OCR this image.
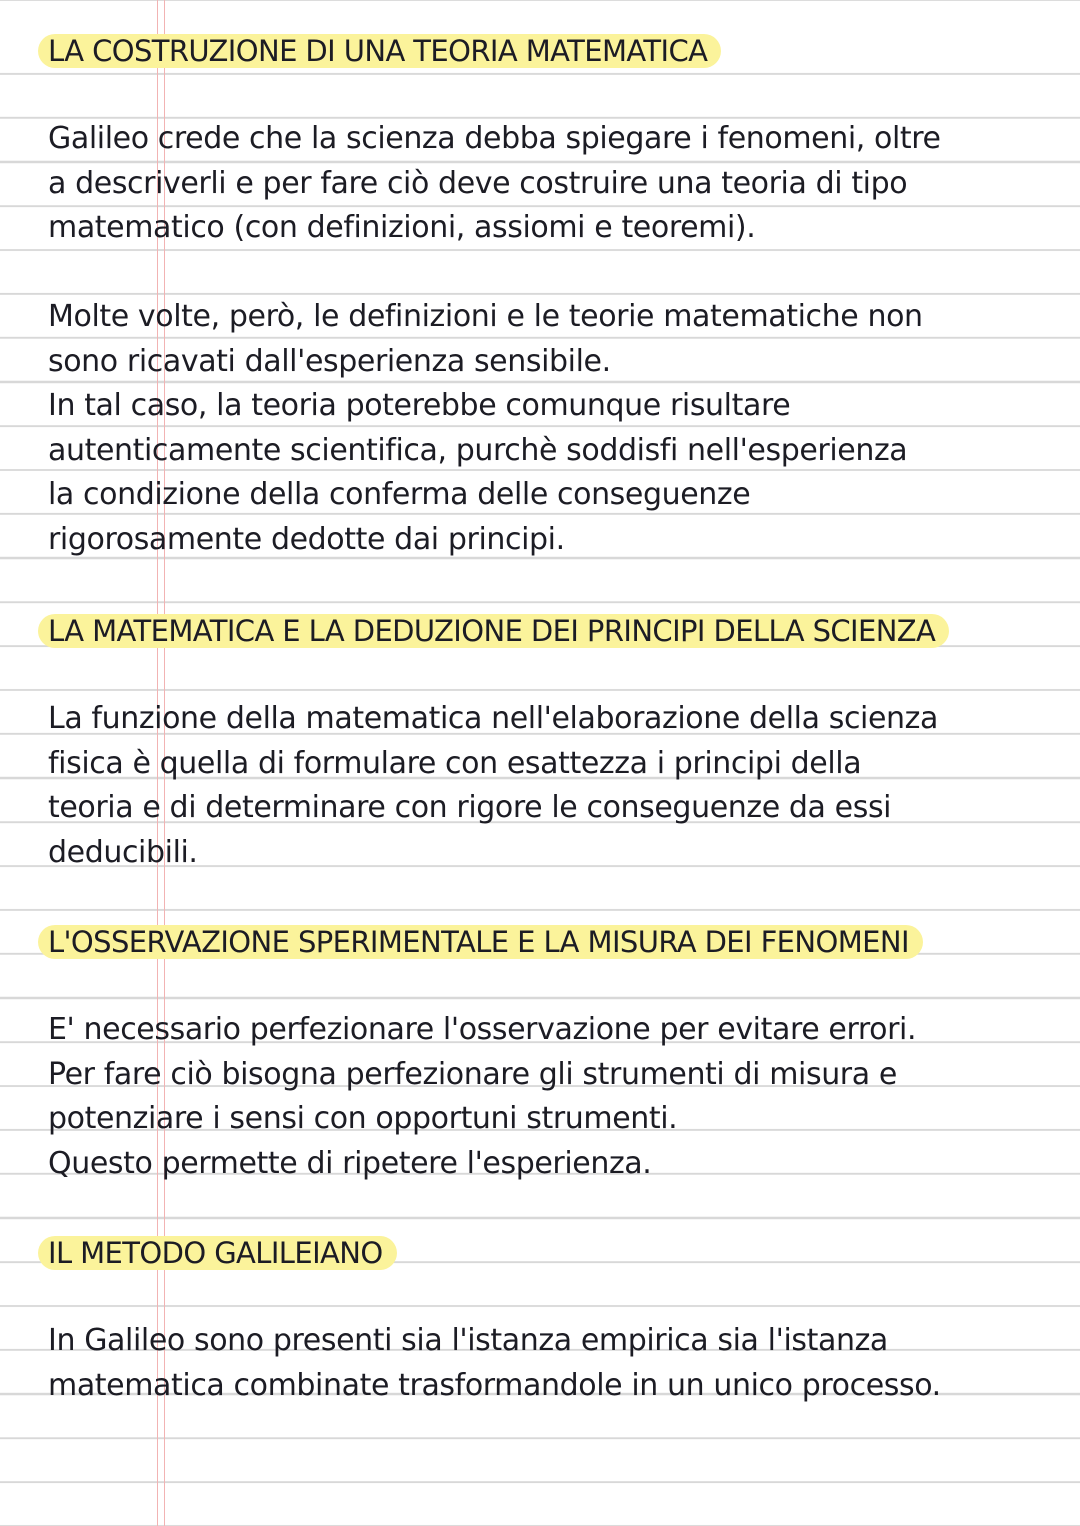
LA COSTRUZIONE DI UNA TEORIA MATEMATICA
Galileo crede che la scienza debba spiegare i fenomeni, oltre
a descriverli e per fare ciò deve costruire una teoria di tipo
matematico (con definizioni, assiomi e teoremi).
Molte volte, però, le definizioni e le teorie matematiche non
sono ricavati dall'esperienza sensibile.
In tal caso, la teoria poterebbe comunque risultare
autenticamente scientifica, purchè soddisfi nell'esperienza
la condizione della conferma delle conseguenze
rigorosamente dedotte dai principi.
LA MATEMATICA E LA DEDUZIONE DEI PRINCIPI DELLA SCIENZA
La funzione della matematica nell'elaborazione della scienza
fisica è quella di formulare con esattezza i principi della
teoria e di determinare con rigore le conseguenze da essi
deducibili.
L'OSSERVAZIONE SPERIMENTALE E LA MISURA DEI FENOMENI
E' necessario perfezionare l'osservazione per evitare errori.
Per fare ciò bisogna perfezionare gli strumenti di misura e
potenziare i sensi con opportuni strumenti.
Questo permette di ripetere l'esperienza.
IL METODO GALILEIANO
In Galileo sono presenti sia l'istanza empirica sia l'istanza
matematica combinate trasformandole in un unico processo.
